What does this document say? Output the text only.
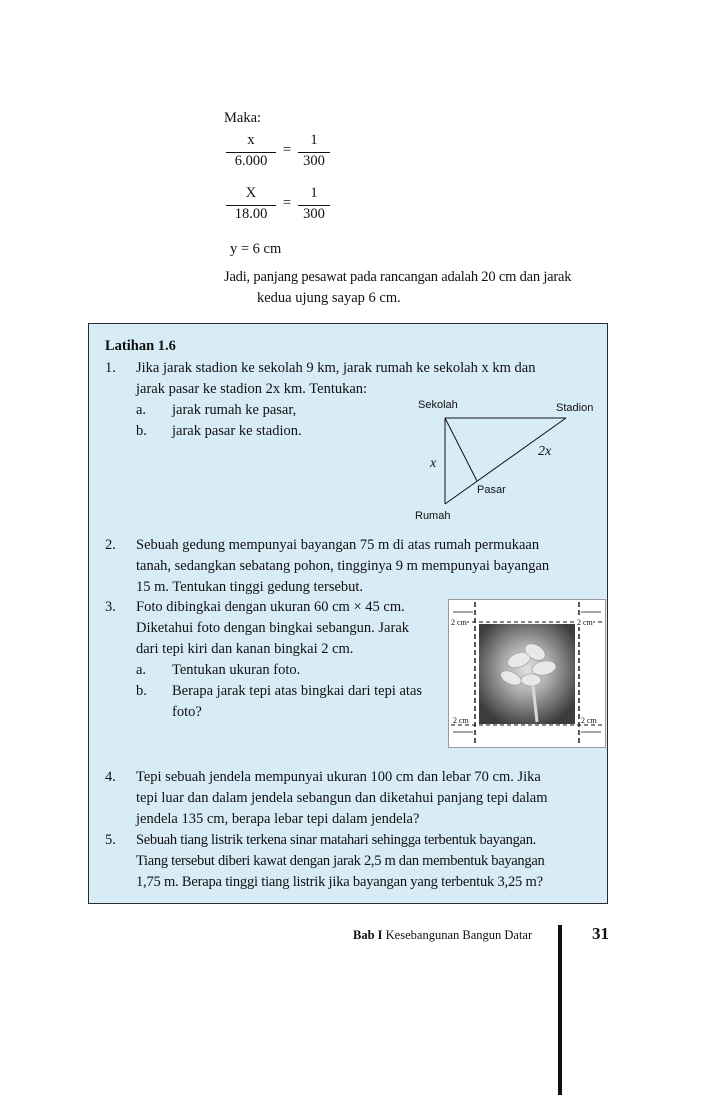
Maka:
x
6.000
=
1
300
X
18.00
=
1
300
y = 6 cm
Jadi, panjang pesawat pada rancangan adalah 20 cm dan jarak
kedua ujung sayap 6 cm.
Latihan 1.6
1. Jika jarak stadion ke sekolah 9 km, jarak rumah ke sekolah x km dan
jarak pasar ke stadion 2x km. Tentukan:
a.	jarak rumah ke pasar,
b.	jarak pasar ke stadion.
Sekolah	Stadion
2x
x
Pasar
Rumah
2. Sebuah gedung mempunyai bayangan 75 m di atas rumah permukaan
tanah, sedangkan sebatang pohon, tingginya 9 m mempunyai bayangan
15 m. Tentukan tinggi gedung tersebut.
3. Foto dibingkai dengan ukuran 60 cm × 45 cm.
Diketahui foto dengan bingkai sebangun. Jarak
dari tepi kiri dan kanan bingkai 2 cm.
a.	Tentukan ukuran foto.
b.	Berapa jarak tepi atas bingkai dari tepi atas
foto?
2 cm	2 cm
2 cm	2 cm
4. Tepi sebuah jendela mempunyai ukuran 100 cm dan lebar 70 cm. Jika
tepi luar dan dalam jendela sebangun dan diketahui panjang tepi dalam
jendela 135 cm, berapa lebar tepi dalam jendela?
5. Sebuah tiang listrik terkena sinar matahari sehingga terbentuk bayangan.
Tiang tersebut diberi kawat dengan jarak 2,5 m dan membentuk bayangan
1,75 m. Berapa tinggi tiang listrik jika bayangan yang terbentuk 3,25 m?
Bab I Kesebangunan Bangun Datar	31
